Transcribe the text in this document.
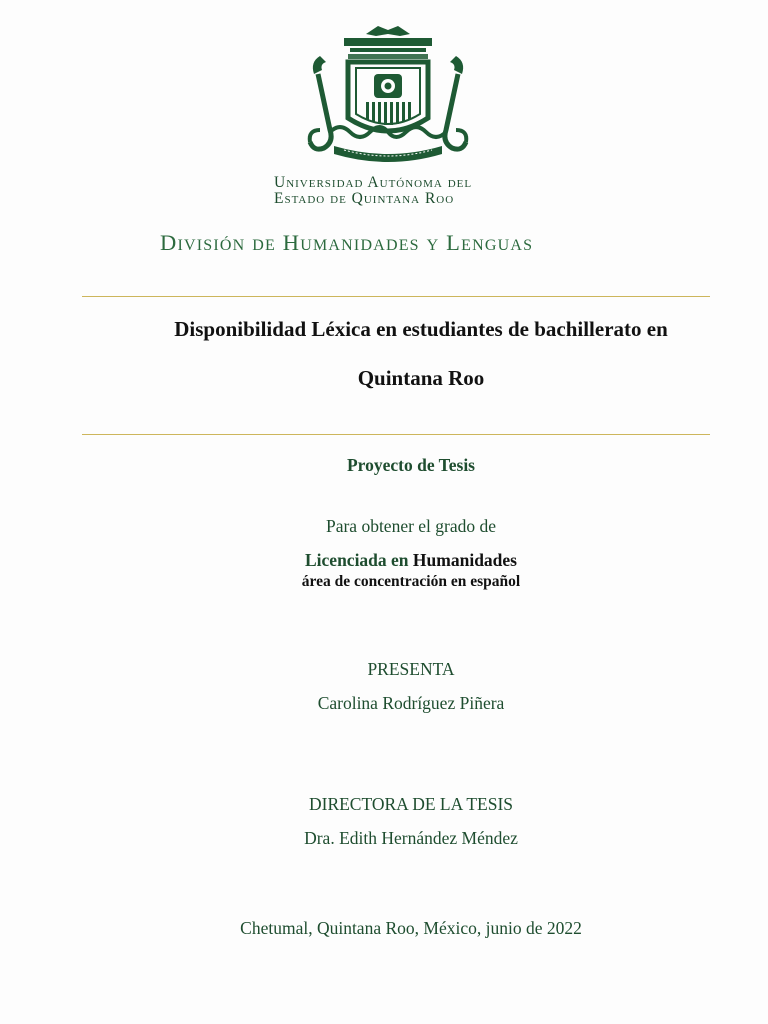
Universidad Autónoma del
Estado de Quintana Roo
División de Humanidades y Lenguas
Disponibilidad Léxica en estudiantes de bachillerato en
Quintana Roo
Proyecto de Tesis
Para obtener el grado de
Licenciada en Humanidades
área de concentración en español
PRESENTA
Carolina Rodríguez Piñera
DIRECTORA DE LA TESIS
Dra. Edith Hernández Méndez
Chetumal, Quintana Roo, México, junio de 2022
